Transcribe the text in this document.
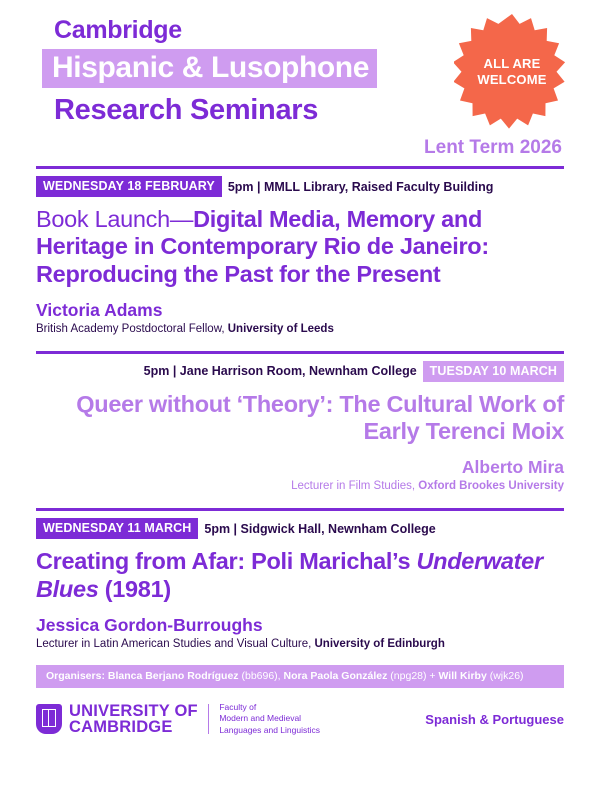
Cambridge
Hispanic & Lusophone
Research Seminars
ALL ARE
WELCOME
Lent Term 2026
WEDNESDAY 18 FEBRUARY	5pm | MMLL Library, Raised Faculty Building
Book Launch—Digital Media, Memory and Heritage in Contemporary Rio de Janeiro: Reproducing the Past for the Present
Victoria Adams
British Academy Postdoctoral Fellow, University of Leeds
5pm | Jane Harrison Room, Newnham College	TUESDAY 10 MARCH
Queer without ‘Theory’: The Cultural Work of Early Terenci Moix
Alberto Mira
Lecturer in Film Studies, Oxford Brookes University
WEDNESDAY 11 MARCH	5pm | Sidgwick Hall, Newnham College
Creating from Afar: Poli Marichal’s Underwater Blues (1981)
Jessica Gordon-Burroughs
Lecturer in Latin American Studies and Visual Culture, University of Edinburgh
Organisers: Blanca Berjano Rodríguez (bb696), Nora Paola González (npg28) + Will Kirby (wjk26)
UNIVERSITY OF
CAMBRIDGE
Faculty of
Modern and Medieval
Languages and Linguistics
Spanish & Portuguese
